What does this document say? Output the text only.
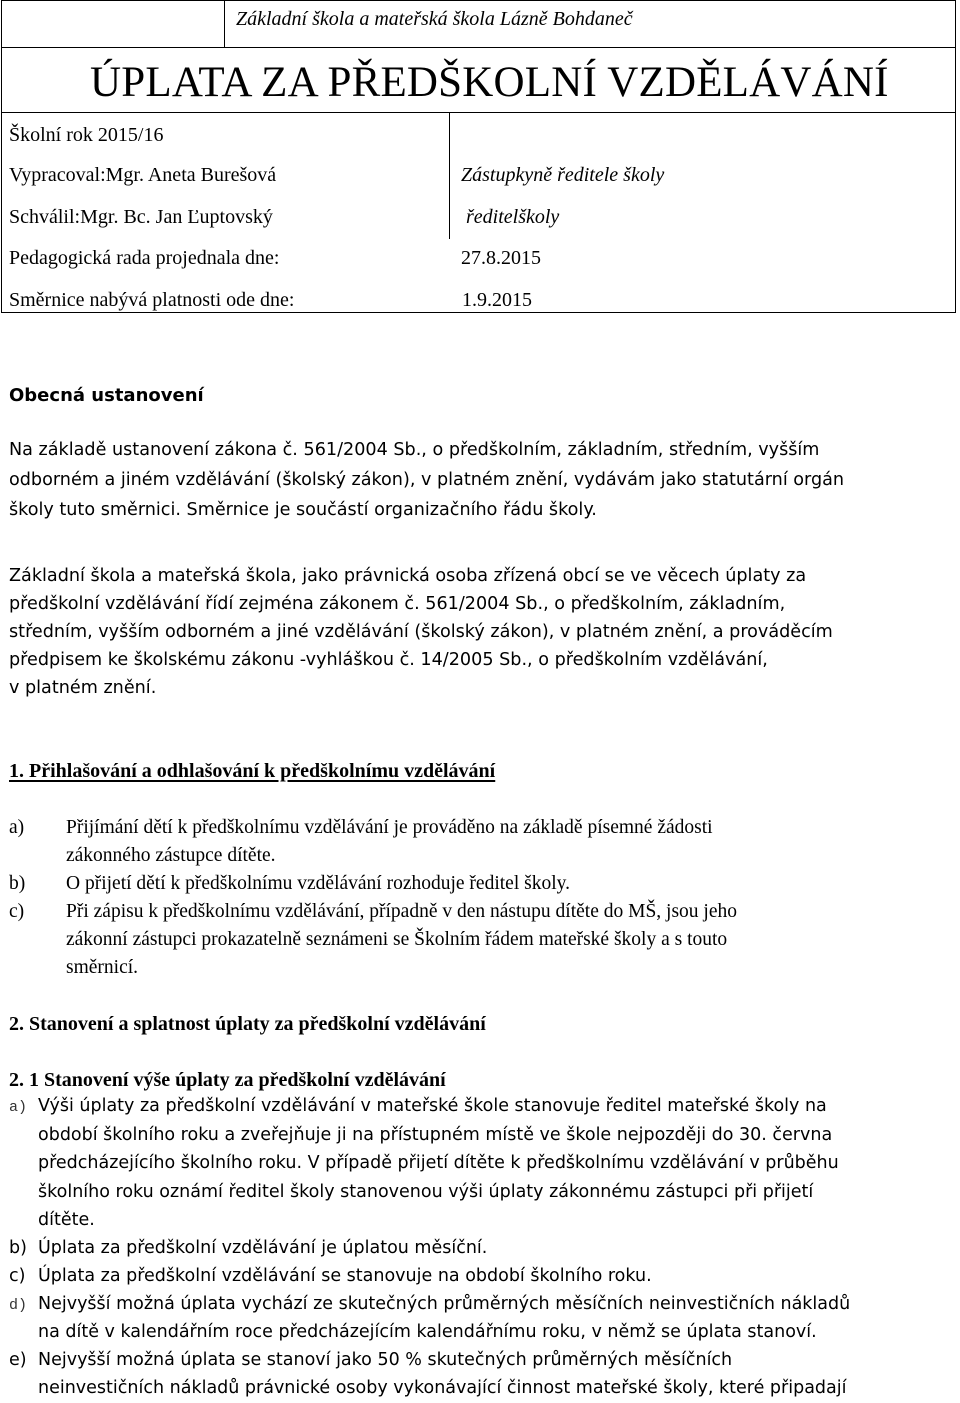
Základní škola a mateřská škola Lázně Bohdaneč
ÚPLATA ZA PŘEDŠKOLNÍ VZDĚLÁVÁNÍ
Školní rok 2015/16
Vypracoval:Mgr. Aneta Burešová	Zástupkyně ředitele školy
Schválil:Mgr. Bc. Jan Ľuptovský	ředitelškoly
Pedagogická rada projednala dne:	27.8.2015
Směrnice nabývá platnosti ode dne:	1.9.2015
Obecná ustanovení
Na základě ustanovení zákona č. 561/2004 Sb., o předškolním, základním, středním, vyšším
odborném a jiném vzdělávání (školský zákon), v platném znění, vydávám jako statutární orgán
školy tuto směrnici. Směrnice je součástí organizačního řádu školy.
Základní škola a mateřská škola, jako právnická osoba zřízená obcí se ve věcech úplaty za
předškolní vzdělávání řídí zejména zákonem č. 561/2004 Sb., o předškolním, základním,
středním, vyšším odborném a jiné vzdělávání (školský zákon), v platném znění, a prováděcím
předpisem ke školskému zákonu -vyhláškou č. 14/2005 Sb., o předškolním vzdělávání,
v platném znění.
1. Přihlašování a odhlašování k předškolnímu vzdělávání
a) Přijímání dětí k předškolnímu vzdělávání je prováděno na základě písemné žádosti
zákonného zástupce dítěte.
b) O přijetí dětí k předškolnímu vzdělávání rozhoduje ředitel školy.
c) Při zápisu k předškolnímu vzdělávání, případně v den nástupu dítěte do MŠ, jsou jeho
zákonní zástupci prokazatelně seznámeni se Školním řádem mateřské školy a s touto
směrnicí.
2. Stanovení a splatnost úplaty za předškolní vzdělávání
2. 1 Stanovení výše úplaty za předškolní vzdělávání
a) Výši úplaty za předškolní vzdělávání v mateřské škole stanovuje ředitel mateřské školy na
období školního roku a zveřejňuje ji na přístupném místě ve škole nejpozději do 30. června
předcházejícího školního roku. V případě přijetí dítěte k předškolnímu vzdělávání v průběhu
školního roku oznámí ředitel školy stanovenou výši úplaty zákonnému zástupci při přijetí
dítěte.
b) Úplata za předškolní vzdělávání je úplatou měsíční.
c) Úplata za předškolní vzdělávání se stanovuje na období školního roku.
d) Nejvyšší možná úplata vychází ze skutečných průměrných měsíčních neinvestičních nákladů
na dítě v kalendářním roce předcházejícím kalendářnímu roku, v němž se úplata stanoví.
e) Nejvyšší možná úplata se stanoví jako 50 % skutečných průměrných měsíčních
neinvestičních nákladů právnické osoby vykonávající činnost mateřské školy, které připadají
